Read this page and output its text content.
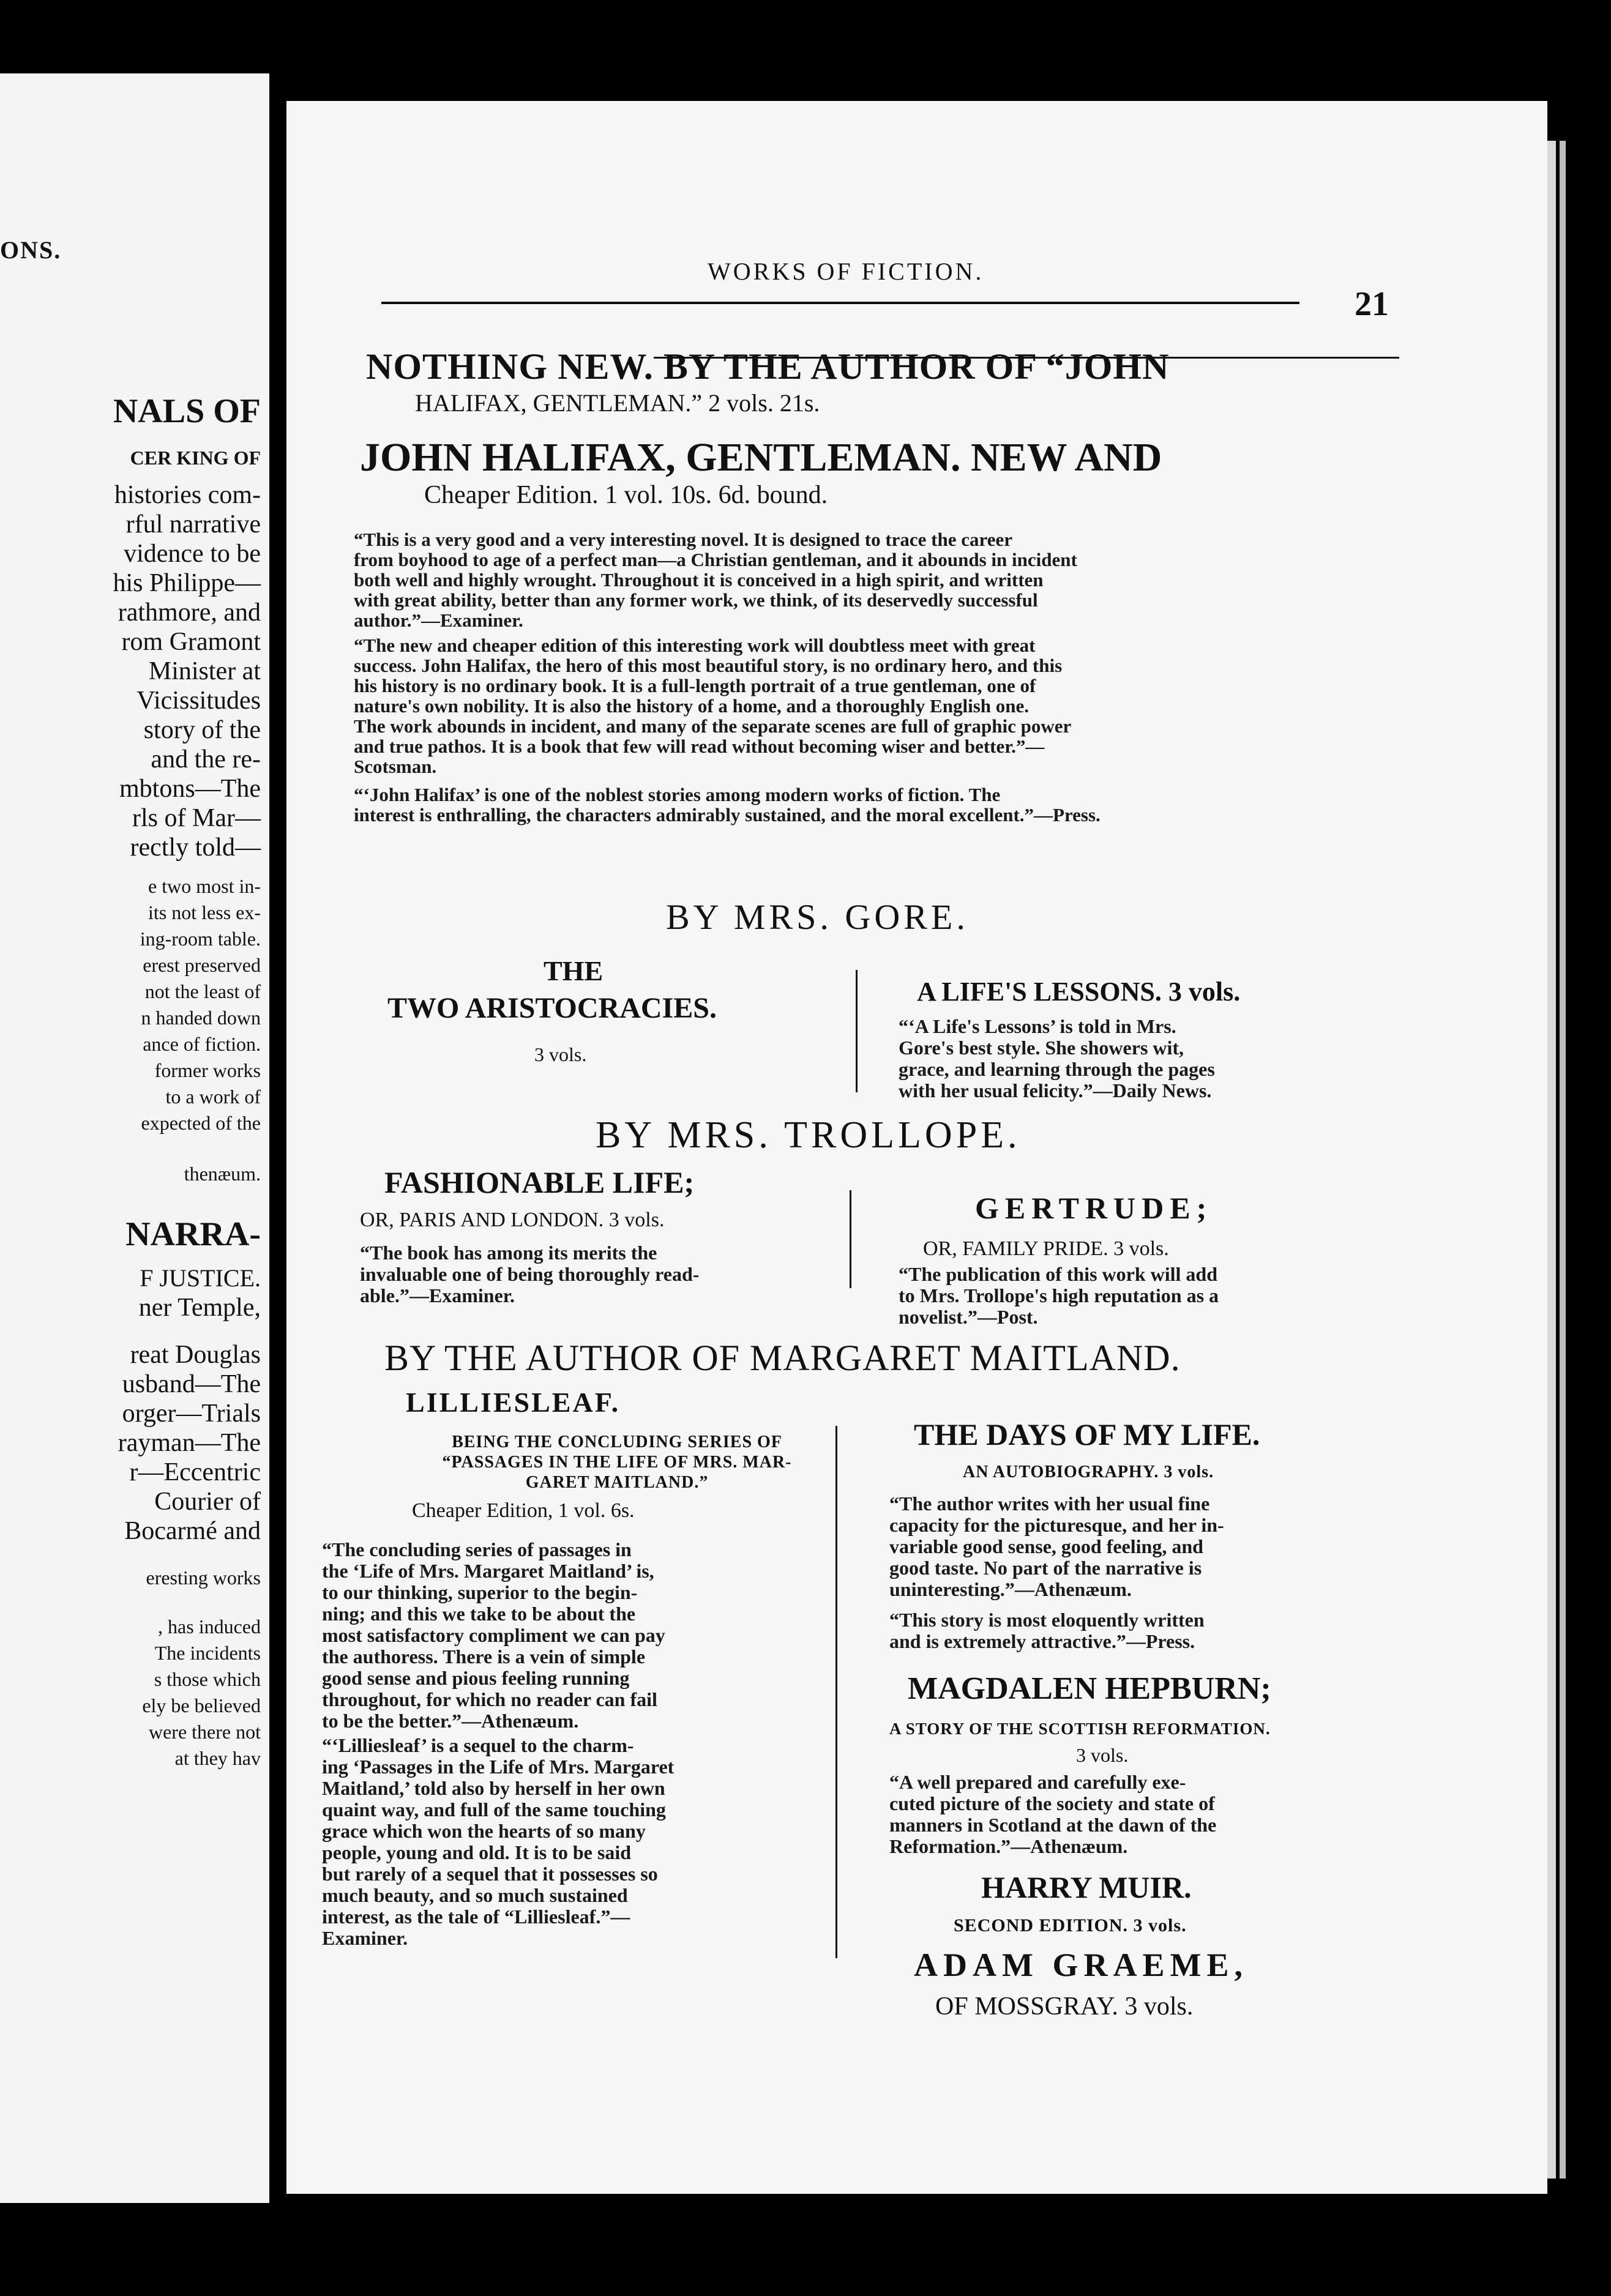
ONS.
NALS OF
CER KING OF
histories com-
rful narrative
vidence to be
his Philippe—
rathmore, and
rom Gramont
Minister at
Vicissitudes
story of the
and the re-
mbtons—The
rls of Mar—
rectly told—
e two most in-
its not less ex-
ing-room table.
erest preserved
not the least of
n handed down
ance of fiction.
former works
to a work of
expected of the
thenæum.
NARRA-
F JUSTICE.
ner Temple,
reat Douglas
usband—The
orger—Trials
rayman—The
r—Eccentric
Courier of
Bocarmé and
eresting works
, has induced
The incidents
s those which
ely be believed
were there not
at they hav
WORKS OF FICTION.
21
NOTHING NEW. BY THE AUTHOR OF “JOHN
HALIFAX, GENTLEMAN.” 2 vols. 21s.
JOHN HALIFAX, GENTLEMAN. NEW AND
Cheaper Edition. 1 vol. 10s. 6d. bound.
“This is a very good and a very interesting novel. It is designed to trace the career
from boyhood to age of a perfect man—a Christian gentleman, and it abounds in incident
both well and highly wrought. Throughout it is conceived in a high spirit, and written
with great ability, better than any former work, we think, of its deservedly successful
author.”—Examiner.
“The new and cheaper edition of this interesting work will doubtless meet with great
success. John Halifax, the hero of this most beautiful story, is no ordinary hero, and this
his history is no ordinary book. It is a full-length portrait of a true gentleman, one of
nature's own nobility. It is also the history of a home, and a thoroughly English one.
The work abounds in incident, and many of the separate scenes are full of graphic power
and true pathos. It is a book that few will read without becoming wiser and better.”—
Scotsman.
“‘John Halifax’ is one of the noblest stories among modern works of fiction. The
interest is enthralling, the characters admirably sustained, and the moral excellent.”—Press.
BY MRS. GORE.
THE
TWO ARISTOCRACIES.
3 vols.
A LIFE'S LESSONS. 3 vols.
“‘A Life's Lessons’ is told in Mrs.
Gore's best style. She showers wit,
grace, and learning through the pages
with her usual felicity.”—Daily News.
BY MRS. TROLLOPE.
FASHIONABLE LIFE;
OR, PARIS AND LONDON. 3 vols.
“The book has among its merits the
invaluable one of being thoroughly read-
able.”—Examiner.
GERTRUDE;
OR, FAMILY PRIDE. 3 vols.
“The publication of this work will add
to Mrs. Trollope's high reputation as a
novelist.”—Post.
BY THE AUTHOR OF MARGARET MAITLAND.
LILLIESLEAF.
BEING THE CONCLUDING SERIES OF
“PASSAGES IN THE LIFE OF MRS. MAR-
GARET MAITLAND.”
Cheaper Edition, 1 vol. 6s.
“The concluding series of passages in
the ‘Life of Mrs. Margaret Maitland’ is,
to our thinking, superior to the begin-
ning; and this we take to be about the
most satisfactory compliment we can pay
the authoress. There is a vein of simple
good sense and pious feeling running
throughout, for which no reader can fail
to be the better.”—Athenæum.
“‘Lilliesleaf’ is a sequel to the charm-
ing ‘Passages in the Life of Mrs. Margaret
Maitland,’ told also by herself in her own
quaint way, and full of the same touching
grace which won the hearts of so many
people, young and old. It is to be said
but rarely of a sequel that it possesses so
much beauty, and so much sustained
interest, as the tale of “Lilliesleaf.”—
Examiner.
THE DAYS OF MY LIFE.
AN AUTOBIOGRAPHY. 3 vols.
“The author writes with her usual fine
capacity for the picturesque, and her in-
variable good sense, good feeling, and
good taste. No part of the narrative is
uninteresting.”—Athenæum.
“This story is most eloquently written
and is extremely attractive.”—Press.
MAGDALEN HEPBURN;
A STORY OF THE SCOTTISH REFORMATION.
3 vols.
“A well prepared and carefully exe-
cuted picture of the society and state of
manners in Scotland at the dawn of the
Reformation.”—Athenæum.
HARRY MUIR.
SECOND EDITION. 3 vols.
ADAM GRAEME,
OF MOSSGRAY. 3 vols.
